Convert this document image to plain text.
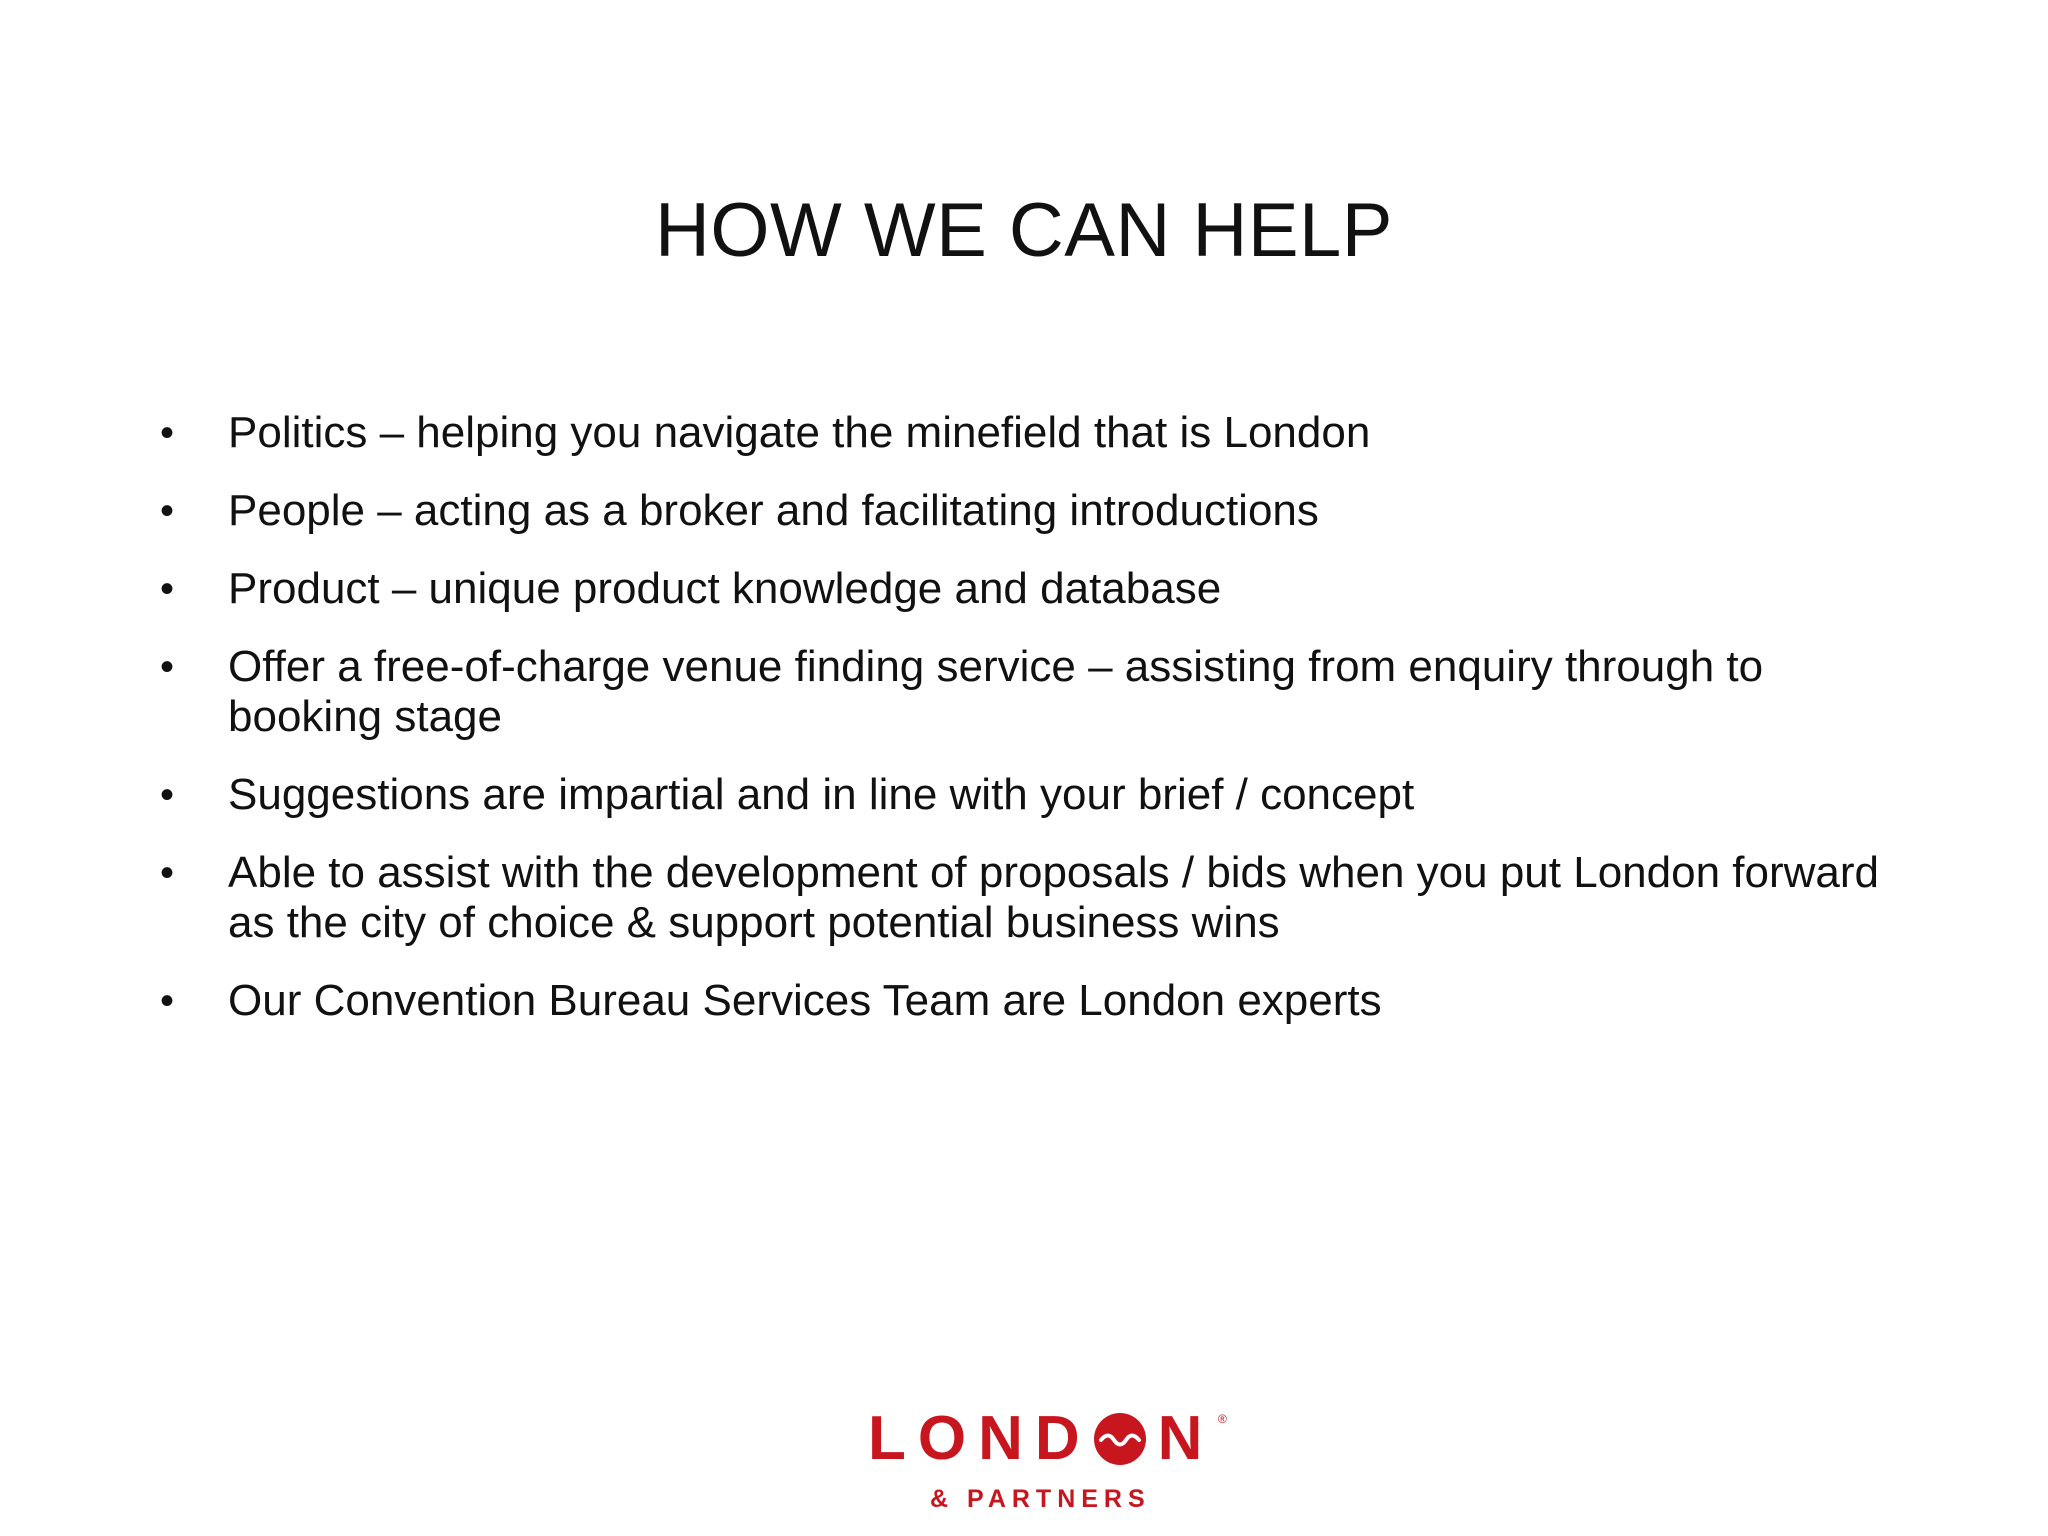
HOW WE CAN HELP
•	Politics – helping you navigate the minefield that is London
•	People – acting as a broker and facilitating introductions
•	Product – unique product knowledge and database
•	Offer a free-of-charge venue finding service – assisting from enquiry through to booking stage
•	Suggestions are impartial and in line with your brief / concept
•	Able to assist with the development of proposals / bids when you put London forward as the city of choice & support potential business wins
•	Our Convention Bureau Services Team are London experts
LOND N ®
& PARTNERS
